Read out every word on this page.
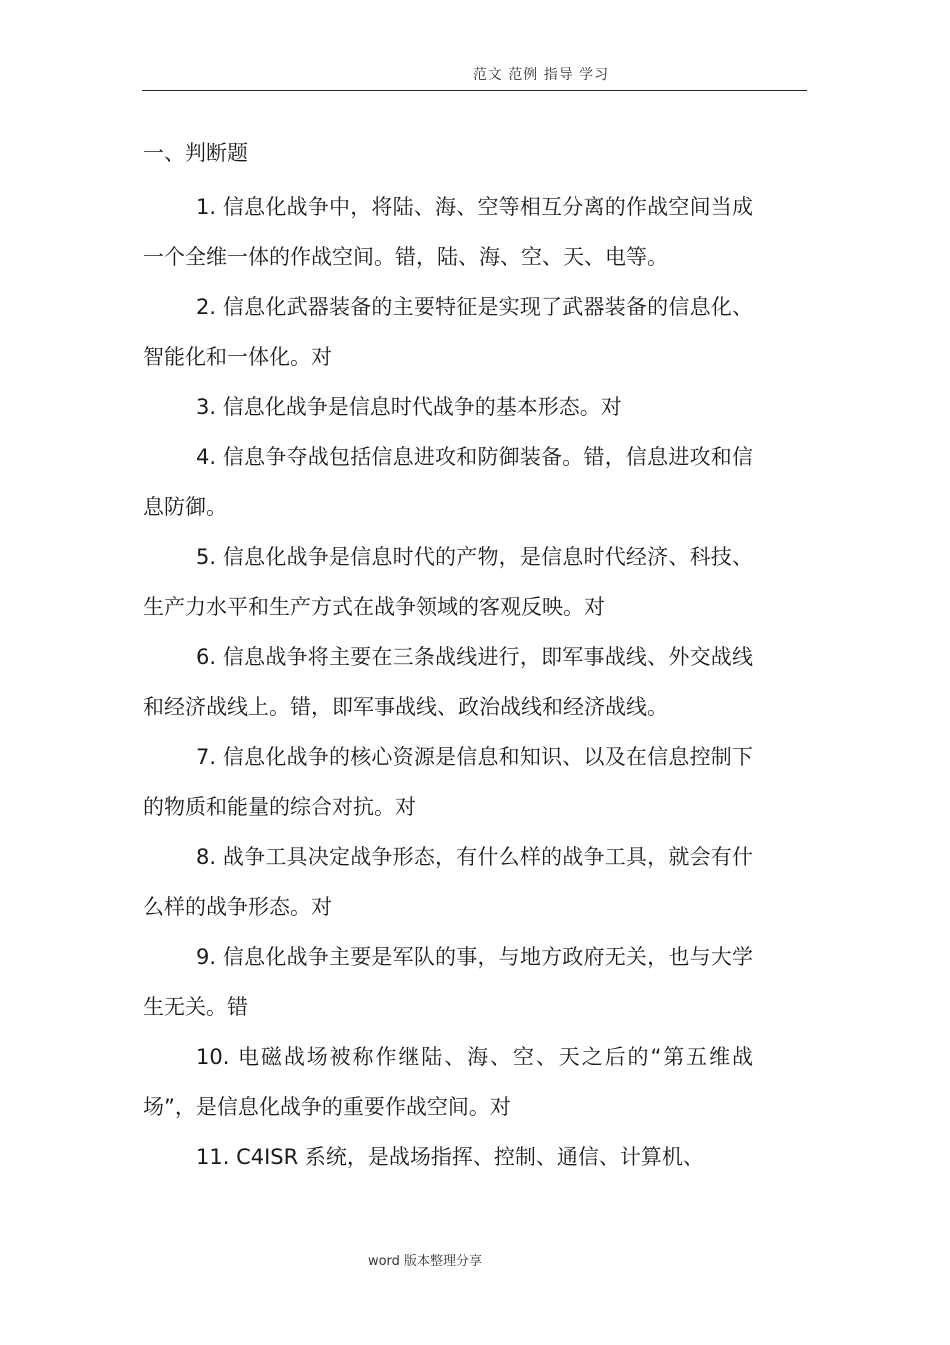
范文 范例 指导 学习

一、判断题

1. 信息化战争中，将陆、海、空等相互分离的作战空间当成一个全维一体的作战空间。错，陆、海、空、天、电等。

2. 信息化武器装备的主要特征是实现了武器装备的信息化、智能化和一体化。对

3. 信息化战争是信息时代战争的基本形态。对

4. 信息争夺战包括信息进攻和防御装备。错，信息进攻和信息防御。

5. 信息化战争是信息时代的产物，是信息时代经济、科技、生产力水平和生产方式在战争领域的客观反映。对

6. 信息战争将主要在三条战线进行，即军事战线、外交战线和经济战线上。错，即军事战线、政治战线和经济战线。

7. 信息化战争的核心资源是信息和知识、以及在信息控制下的物质和能量的综合对抗。对

8. 战争工具决定战争形态，有什么样的战争工具，就会有什么样的战争形态。对

9. 信息化战争主要是军队的事，与地方政府无关，也与大学生无关。错

10. 电磁战场被称作继陆、海、空、天之后的“第五维战场”，是信息化战争的重要作战空间。对

11. C4ISR 系统，是战场指挥、控制、通信、计算机、

word 版本整理分享
